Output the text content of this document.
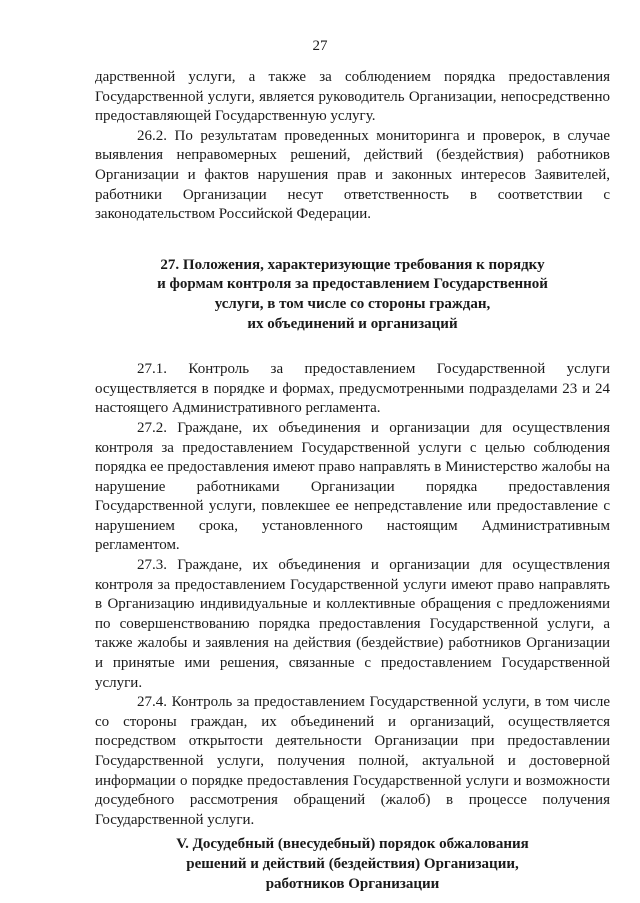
27

дарственной услуги, а также за соблюдением порядка предоставления Государственной услуги, является руководитель Организации, непосредственно предоставляющей Государственную услугу.

26.2. По результатам проведенных мониторинга и проверок, в случае выявления неправомерных решений, действий (бездействия) работников Организации и фактов нарушения прав и законных интересов Заявителей, работники Организации несут ответственность в соответствии с законодательством Российской Федерации.

27. Положения, характеризующие требования к порядку
и формам контроля за предоставлением Государственной
услуги, в том числе со стороны граждан,
их объединений и организаций

27.1. Контроль за предоставлением Государственной услуги осуществляется в порядке и формах, предусмотренными подразделами 23 и 24 настоящего Административного регламента.

27.2. Граждане, их объединения и организации для осуществления контроля за предоставлением Государственной услуги с целью соблюдения порядка ее предоставления имеют право направлять в Министерство жалобы на нарушение работниками Организации порядка предоставления Государственной услуги, повлекшее ее непредставление или предоставление с нарушением срока, установленного настоящим Административным регламентом.

27.3. Граждане, их объединения и организации для осуществления контроля за предоставлением Государственной услуги имеют право направлять в Организацию индивидуальные и коллективные обращения с предложениями по совершенствованию порядка предоставления Государственной услуги, а также жалобы и заявления на действия (бездействие) работников Организации и принятые ими решения, связанные с предоставлением Государственной услуги.

27.4. Контроль за предоставлением Государственной услуги, в том числе со стороны граждан, их объединений и организаций, осуществляется посредством открытости деятельности Организации при предоставлении Государственной услуги, получения полной, актуальной и достоверной информации о порядке предоставления Государственной услуги и возможности досудебного рассмотрения обращений (жалоб) в процессе получения Государственной услуги.

V. Досудебный (внесудебный) порядок обжалования
решений и действий (бездействия) Организации,
работников Организации
